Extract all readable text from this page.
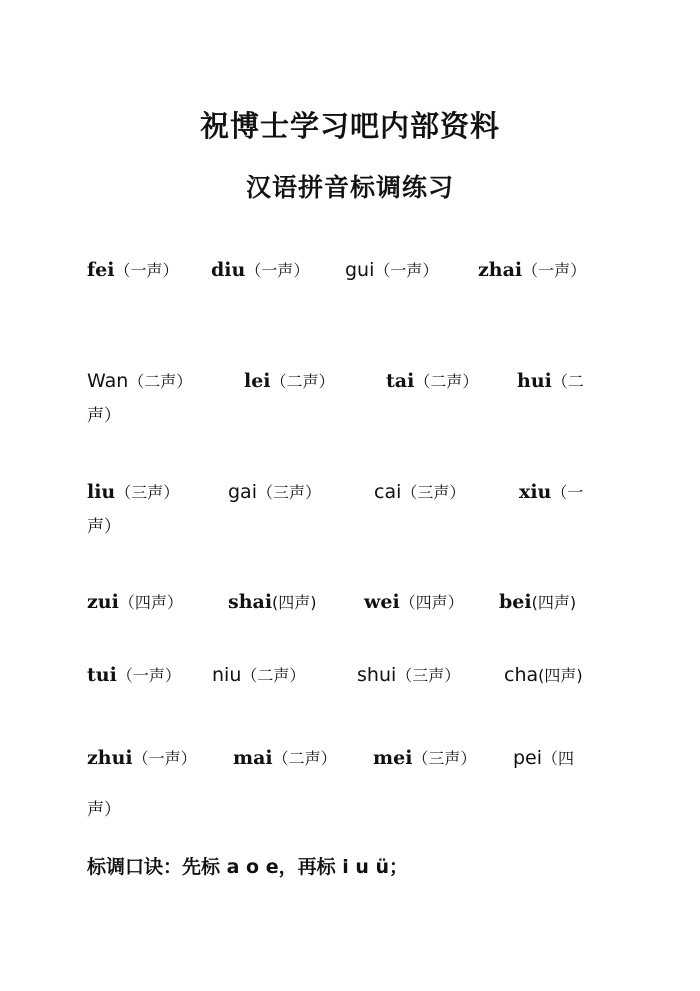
祝博士学习吧内部资料
汉语拼音标调练习
fei（一声） diu（一声） gui（一声） zhai（一声）
Wan（二声）	lei（二声）	tai（二声） hui（二
声）
liu（三声）	gai（三声）	cai（三声）	xiu（一
声）
zui（四声） shai(四声) wei（四声） bei(四声)
tui（一声） niu（二声）	shui（三声） cha(四声)
zhui（一声） mai（二声） mei（三声） pei（四
声）
标调口诀：先标 a o e，再标 i u ü；
